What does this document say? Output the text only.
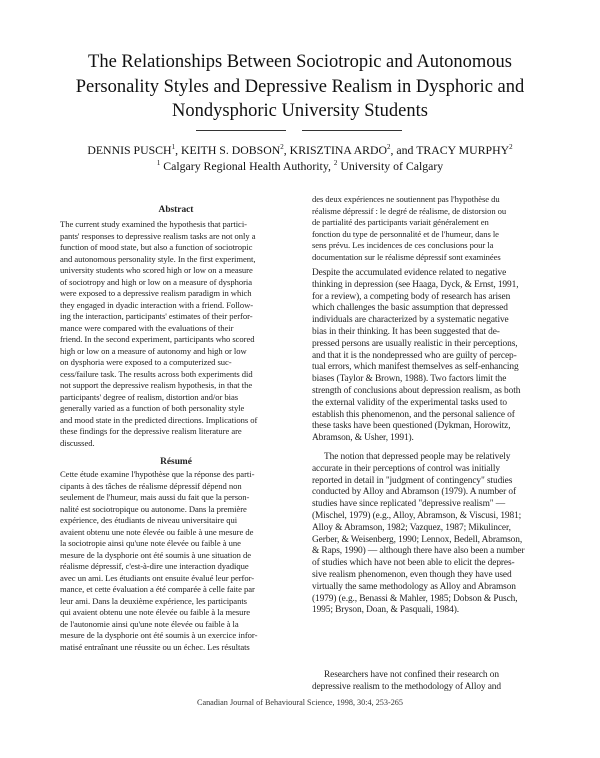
The Relationships Between Sociotropic and Autonomous
Personality Styles and Depressive Realism in Dysphoric and
Nondysphoric University Students
DENNIS PUSCH$^1$, KEITH S. DOBSON$^2$, KRISZTINA ARDO$^2$, and TRACY MURPHY$^2$
$^1$ Calgary Regional Health Authority, $^2$ University of Calgary
Abstract
The current study examined the hypothesis that partici-
pants' responses to depressive realism tasks are not only a
function of mood state, but also a function of sociotropic
and autonomous personality style. In the first experiment,
university students who scored high or low on a measure
of sociotropy and high or low on a measure of dysphoria
were exposed to a depressive realism paradigm in which
they engaged in dyadic interaction with a friend. Follow-
ing the interaction, participants' estimates of their perfor-
mance were compared with the evaluations of their
friend. In the second experiment, participants who scored
high or low on a measure of autonomy and high or low
on dysphoria were exposed to a computerized suc-
cess/failure task. The results across both experiments did
not support the depressive realism hypothesis, in that the
participants' degree of realism, distortion and/or bias
generally varied as a function of both personality style
and mood state in the predicted directions. Implications of
these findings for the depressive realism literature are
discussed.
Résumé
Cette étude examine l'hypothèse que la réponse des parti-
cipants à des tâches de réalisme dépressif dépend non
seulement de l'humeur, mais aussi du fait que la person-
nalité est sociotropique ou autonome. Dans la première
expérience, des étudiants de niveau universitaire qui
avaient obtenu une note élevée ou faible à une mesure de
la sociotropie ainsi qu'une note élevée ou faible à une
mesure de la dysphorie ont été soumis à une situation de
réalisme dépressif, c'est-à-dire une interaction dyadique
avec un ami. Les étudiants ont ensuite évalué leur perfor-
mance, et cette évaluation a été comparée à celle faite par
leur ami. Dans la deuxième expérience, les participants
qui avaient obtenu une note élevée ou faible à la mesure
de l'autonomie ainsi qu'une note élevée ou faible à la
mesure de la dysphorie ont été soumis à un exercice infor-
matisé entraînant une réussite ou un échec. Les résultats
des deux expériences ne soutiennent pas l'hypothèse du
réalisme dépressif : le degré de réalisme, de distorsion ou
de partialité des participants variait généralement en
fonction du type de personnalité et de l'humeur, dans le
sens prévu. Les incidences de ces conclusions pour la
documentation sur le réalisme dépressif sont examinées
Despite the accumulated evidence related to negative
thinking in depression (see Haaga, Dyck, & Ernst, 1991,
for a review), a competing body of research has arisen
which challenges the basic assumption that depressed
individuals are characterized by a systematic negative
bias in their thinking. It has been suggested that de-
pressed persons are usually realistic in their perceptions,
and that it is the nondepressed who are guilty of percep-
tual errors, which manifest themselves as self-enhancing
biases (Taylor & Brown, 1988). Two factors limit the
strength of conclusions about depression realism, as both
the external validity of the experimental tasks used to
establish this phenomenon, and the personal salience of
these tasks have been questioned (Dykman, Horowitz,
Abramson, & Usher, 1991).
The notion that depressed people may be relatively
accurate in their perceptions of control was initially
reported in detail in "judgment of contingency" studies
conducted by Alloy and Abramson (1979). A number of
studies have since replicated "depressive realism" —
(Mischel, 1979) (e.g., Alloy, Abramson, & Viscusi, 1981;
Alloy & Abramson, 1982; Vazquez, 1987; Mikulincer,
Gerber, & Weisenberg, 1990; Lennox, Bedell, Abramson,
& Raps, 1990) — although there have also been a number
of studies which have not been able to elicit the depres-
sive realism phenomenon, even though they have used
virtually the same methodology as Alloy and Abramson
(1979) (e.g., Benassi & Mahler, 1985; Dobson & Pusch,
1995; Bryson, Doan, & Pasquali, 1984).
Researchers have not confined their research on
depressive realism to the methodology of Alloy and
Canadian Journal of Behavioural Science, 1998, 30:4, 253-265
